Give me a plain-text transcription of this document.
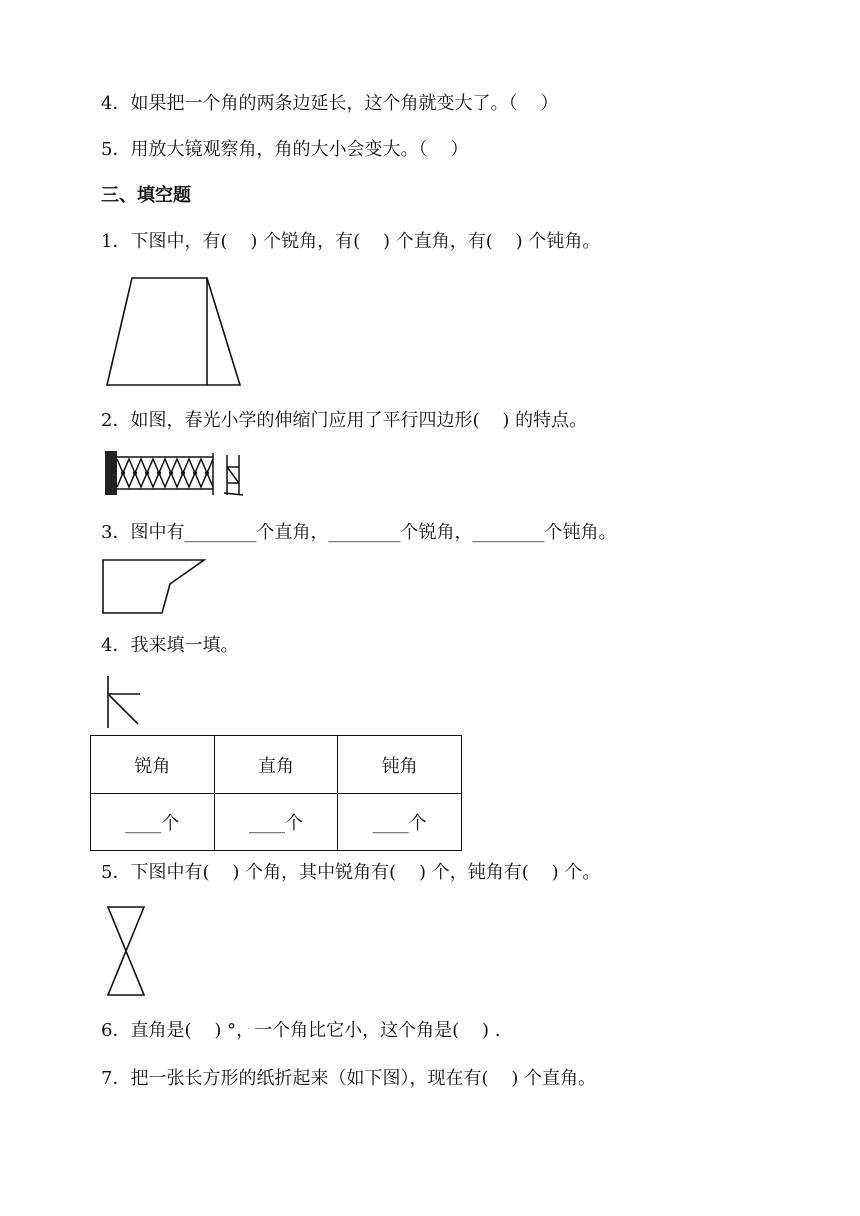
4．如果把一个角的两条边延长，这个角就变大了。（    ）
5．用放大镜观察角，角的大小会变大。（    ）
三、填空题
1．下图中，有(    ) 个锐角，有(    ) 个直角，有(    ) 个钝角。
2．如图，春光小学的伸缩门应用了平行四边形(    ) 的特点。
3．图中有________个直角，________个锐角，________个钝角。
4．我来填一填。
锐角	直角	钝角
____个	____个	____个
5．下图中有(    ) 个角，其中锐角有(    ) 个，钝角有(    ) 个。
6．直角是(    ) °，一个角比它小，这个角是(    ) .
7．把一张长方形的纸折起来（如下图），现在有(    ) 个直角。
